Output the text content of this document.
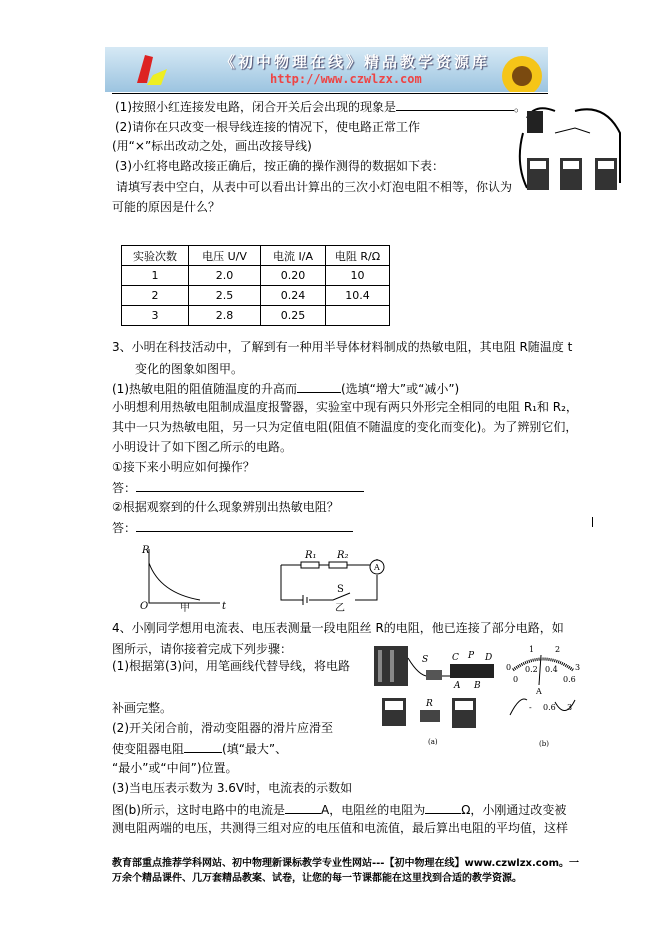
《初中物理在线》精品教学资源库
http://www.czwlzx.com
(1)按照小红连接发电路，闭合开关后会出现的现象是	。
(2)请你在只改变一根导线连接的情况下，使电路正常工作
(用“×”标出改动之处，画出改接导线)
(3)小红将电路改接正确后，按正确的操作测得的数据如下表：
请填写表中空白，从表中可以看出计算出的三次小灯泡电阻不相等，你认为
可能的原因是什么？
实验次数	电压 U/V	电流 I/A	电阻 R/Ω
1	2.0	0.20	10
2	2.5	0.24	10.4
3	2.8	0.25	
3、小明在科技活动中，了解到有一种用半导体材料制成的热敏电阻，其电阻 R随温度 t
变化的图象如图甲。
(1)热敏电阻的阻值随温度的升高而	(选填“增大”或“减小”)
小明想利用热敏电阻制成温度报警器，实验室中现有两只外形完全相同的电阻 R₁和 R₂，
其中一只为热敏电阻，另一只为定值电阻(阻值不随温度的变化而变化)。为了辨别它们，
小明设计了如下图乙所示的电路。
①接下来小明应如何操作？
答：
②根据观察到的什么现象辨别出热敏电阻？
答：
R
O	t
甲
R₁ R₂
A
S
乙
4、小刚同学想用电流表、电压表测量一段电阻丝 R的电阻，他已连接了部分电路，如
图所示，请你接着完成下列步骤：
(1)根据第(3)问，用笔画线代替导线，将电路
补画完整。
(2)开关闭合前，滑动变阻器的滑片应滑至
使变阻器电阻	(填“最大”、
“最小”或“中间”)位置。
(3)当电压表示数为 3.6V时，电流表的示数如
图(b)所示，这时电路中的电流是	A，电阻丝的电阻为	Ω，小刚通过改变被
测电阻两端的电压，共测得三组对应的电压值和电流值，最后算出电阻的平均值，这样
S	C P D
A B
R
(a)
0
1	2
3
0
0.2 0.4
0.6
A
- 0.6 3
(b)
教育部重点推荐学科网站、初中物理新课标教学专业性网站---【初中物理在线】www.czwlzx.com。一
万余个精品课件、几万套精品教案、试卷，让您的每一节课都能在这里找到合适的教学资源。
